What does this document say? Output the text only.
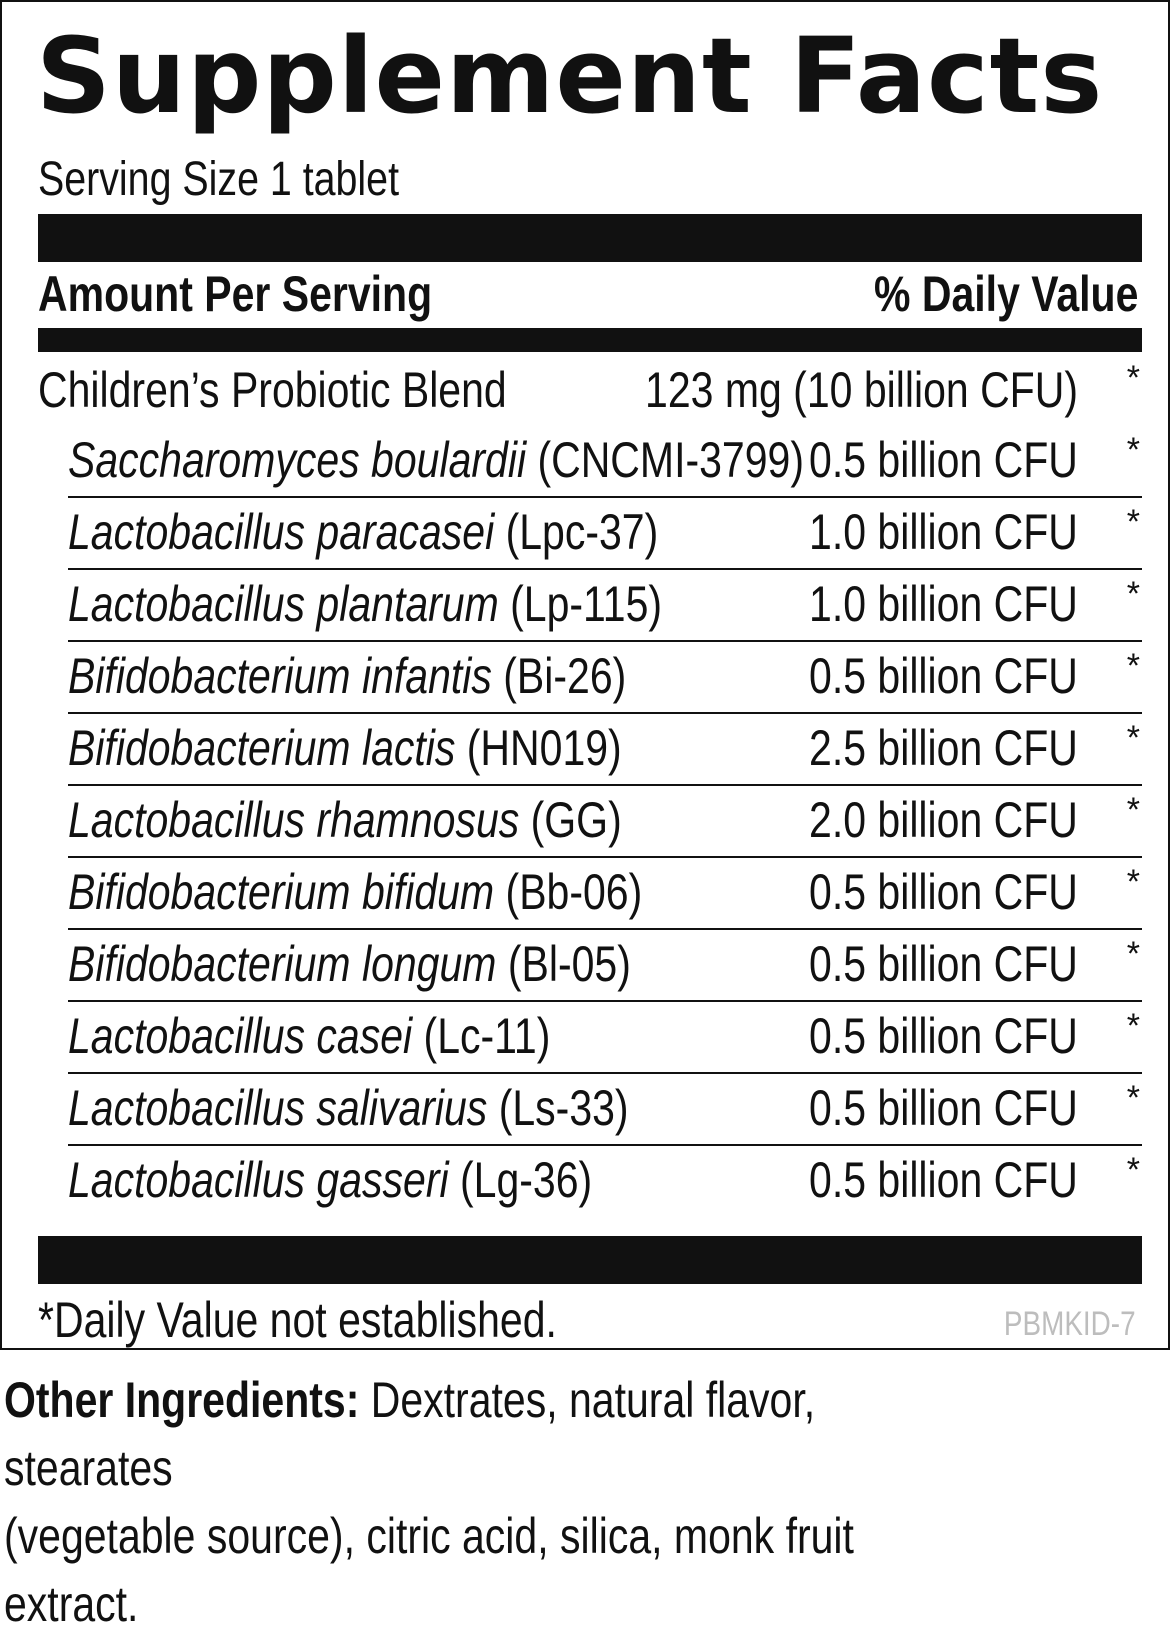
Supplement Facts
Serving Size 1 tablet
Amount Per Serving	% Daily Value
Children’s Probiotic Blend	123 mg (10 billion CFU) *
Saccharomyces boulardii (CNCMI-3799) 0.5 billion CFU *
Lactobacillus paracasei (Lpc-37)	1.0 billion CFU *
Lactobacillus plantarum (Lp-115)	1.0 billion CFU *
Bifidobacterium infantis (Bi-26)	0.5 billion CFU *
Bifidobacterium lactis (HN019)	2.5 billion CFU *
Lactobacillus rhamnosus (GG)	2.0 billion CFU *
Bifidobacterium bifidum (Bb-06)	0.5 billion CFU *
Bifidobacterium longum (Bl-05)	0.5 billion CFU *
Lactobacillus casei (Lc-11)	0.5 billion CFU *
Lactobacillus salivarius (Ls-33)	0.5 billion CFU *
Lactobacillus gasseri (Lg-36)	0.5 billion CFU *
*Daily Value not established.	PBMKID-7
Other Ingredients: Dextrates, natural flavor, stearates
(vegetable source), citric acid, silica, monk fruit extract.
